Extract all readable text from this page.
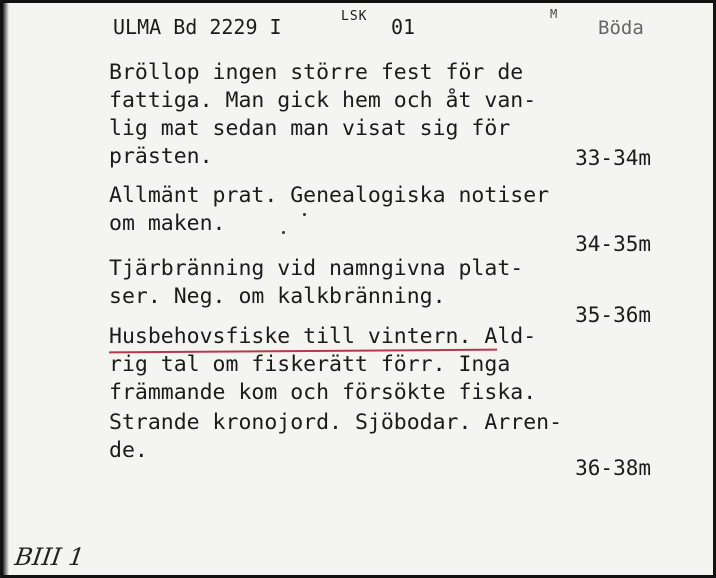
ULMA Bd 2229 I	LSK 01
M
Böda
Bröllop ingen större fest för de
fattiga. Man gick hem och åt van-
lig mat sedan man visat sig för
prästen.	33-34m
Allmänt prat. Genealogiska notiser
om maken.
34-35m
Tjärbränning vid namngivna plat-
ser. Neg. om kalkbränning.
35-36m
Husbehovsfiske till vintern. Ald-
rig tal om fiskerätt förr. Inga
främmande kom och försökte fiska.
Strande kronojord. Sjöbodar. Arren-
de.
36-38m
BIII 1
